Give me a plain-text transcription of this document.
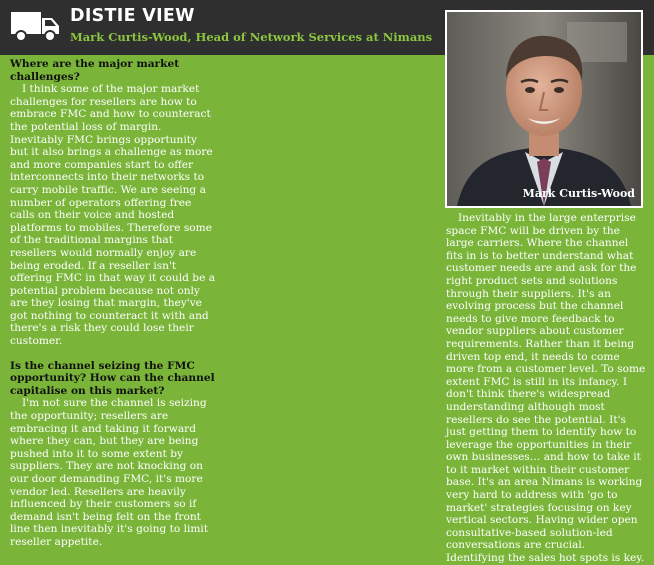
DISTIE VIEW
Mark Curtis-Wood, Head of Network Services at Nimans
Mark Curtis-Wood
Where are the major market challenges?

I think some of the major market challenges for resellers are how to embrace FMC and how to counteract the potential loss of margin. Inevitably FMC brings opportunity but it also brings a challenge as more and more companies start to offer interconnects into their networks to carry mobile traffic. We are seeing a number of operators offering free calls on their voice and hosted platforms to mobiles. Therefore some of the traditional margins that resellers would normally enjoy are being eroded. If a reseller isn't offering FMC in that way it could be a potential problem because not only are they losing that margin, they've got nothing to counteract it with and there's a risk they could lose their customer.

Is the channel seizing the FMC opportunity? How can the channel capitalise on this market?

I'm not sure the channel is seizing the opportunity; resellers are embracing it and taking it forward where they can, but they are being pushed into it to some extent by suppliers. They are not knocking on our door demanding FMC, it's more vendor led. Resellers are heavily influenced by their customers so if demand isn't being felt on the front line then inevitably it's going to limit reseller appetite.

Inevitably in the large enterprise space FMC will be driven by the large carriers. Where the channel fits in is to better understand what customer needs are and ask for the right product sets and solutions through their suppliers. It's an evolving process but the channel needs to give more feedback to vendor suppliers about customer requirements. Rather than it being driven top end, it needs to come more from a customer level. To some extent FMC is still in its infancy. I don't think there's widespread understanding although most resellers do see the potential. It's just getting them to identify how to leverage the opportunities in their own businesses… and how to take it to it market within their customer base. It's an area Nimans is working very hard to address with 'go to market' strategies focusing on key vertical sectors. Having wider open consultative-based solution-led conversations are crucial. Identifying the sales hot spots is key.
